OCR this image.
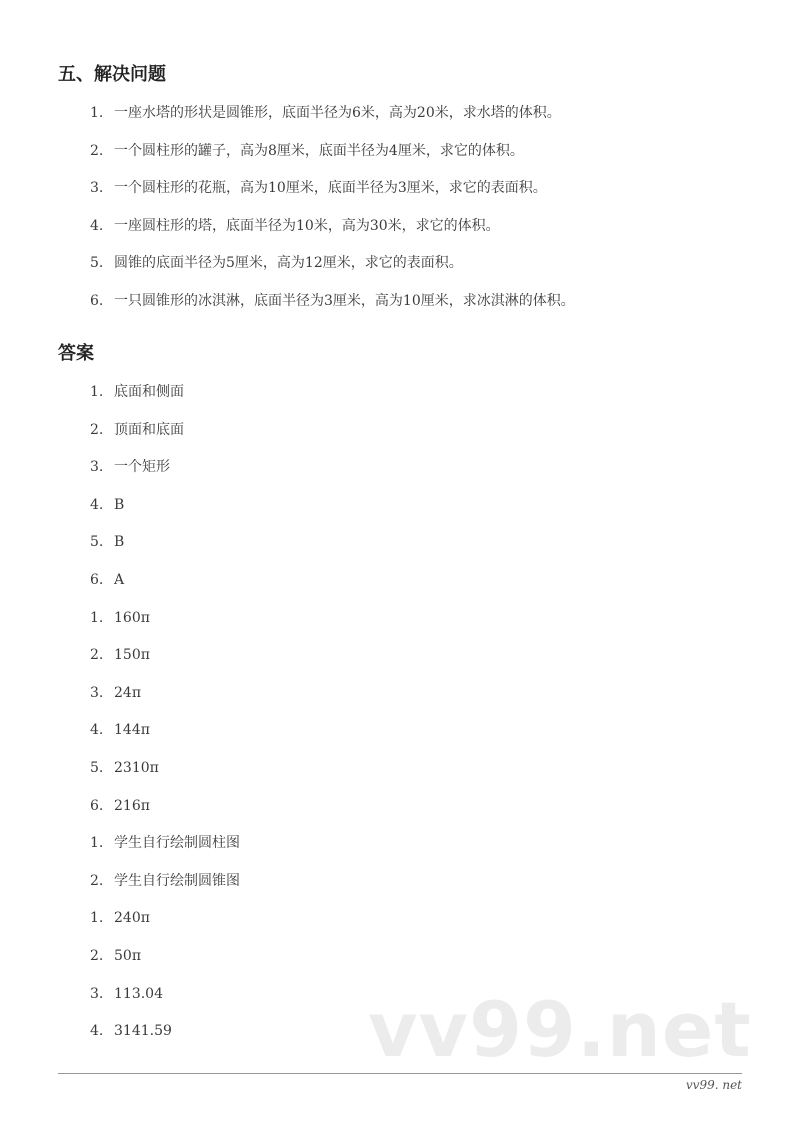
五、解决问题
1. 一座水塔的形状是圆锥形，底面半径为6米，高为20米，求水塔的体积。
2. 一个圆柱形的罐子，高为8厘米，底面半径为4厘米，求它的体积。
3. 一个圆柱形的花瓶，高为10厘米，底面半径为3厘米，求它的表面积。
4. 一座圆柱形的塔，底面半径为10米，高为30米，求它的体积。
5. 圆锥的底面半径为5厘米，高为12厘米，求它的表面积。
6. 一只圆锥形的冰淇淋，底面半径为3厘米，高为10厘米，求冰淇淋的体积。
答案
1. 底面和侧面
2. 顶面和底面
3. 一个矩形
4. B
5. B
6. A
1. 160π
2. 150π
3. 24π
4. 144π
5. 2310π
6. 216π
1. 学生自行绘制圆柱图
2. 学生自行绘制圆锥图
1. 240π
2. 50π
3. 113.04
4. 3141.59	vv99.net
vv99. net
